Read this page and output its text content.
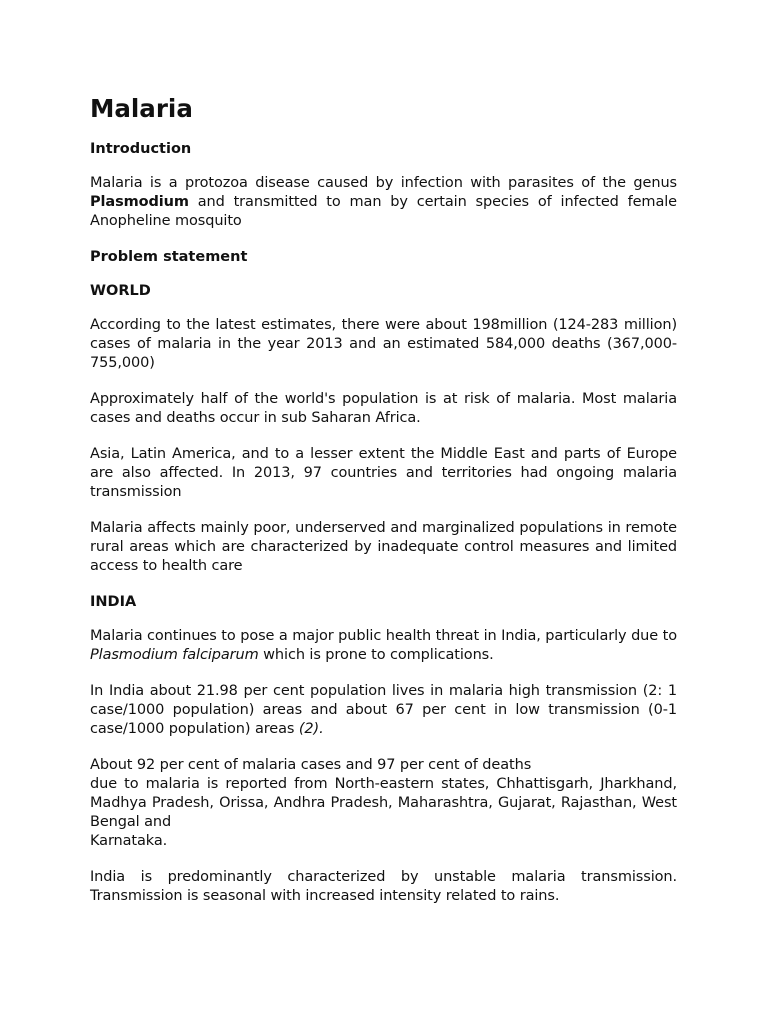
Malaria
Introduction

Malaria is a protozoa disease caused by infection with parasites of the genus Plasmodium and transmitted to man by certain species of infected female Anopheline mosquito

Problem statement
WORLD

According to the latest estimates, there were about 198million (124-283 million) cases of malaria in the year 2013 and an estimated 584,000 deaths (367,000-755,000)

Approximately half of the world's population is at risk of malaria. Most malaria cases and deaths occur in sub Saharan Africa.

Asia, Latin America, and to a lesser extent the Middle East and parts of Europe are also affected. In 2013, 97 countries and territories had ongoing malaria transmission

Malaria affects mainly poor, underserved and marginalized populations in remote rural areas which are characterized by inadequate control measures and limited access to health care

INDIA

Malaria continues to pose a major public health threat in India, particularly due to Plasmodium falciparum which is prone to complications.

In India about 21.98 per cent population lives in malaria high transmission (2: 1 case/1000 population) areas and about 67 per cent in low transmission (0-1 case/1000 population) areas (2).

About 92 per cent of malaria cases and 97 per cent of deaths
due to malaria is reported from North-eastern states, Chhattisgarh, Jharkhand, Madhya Pradesh, Orissa, Andhra Pradesh, Maharashtra, Gujarat, Rajasthan, West Bengal and
Karnataka.

India is predominantly characterized by unstable malaria transmission. Transmission is seasonal with increased intensity related to rains.
